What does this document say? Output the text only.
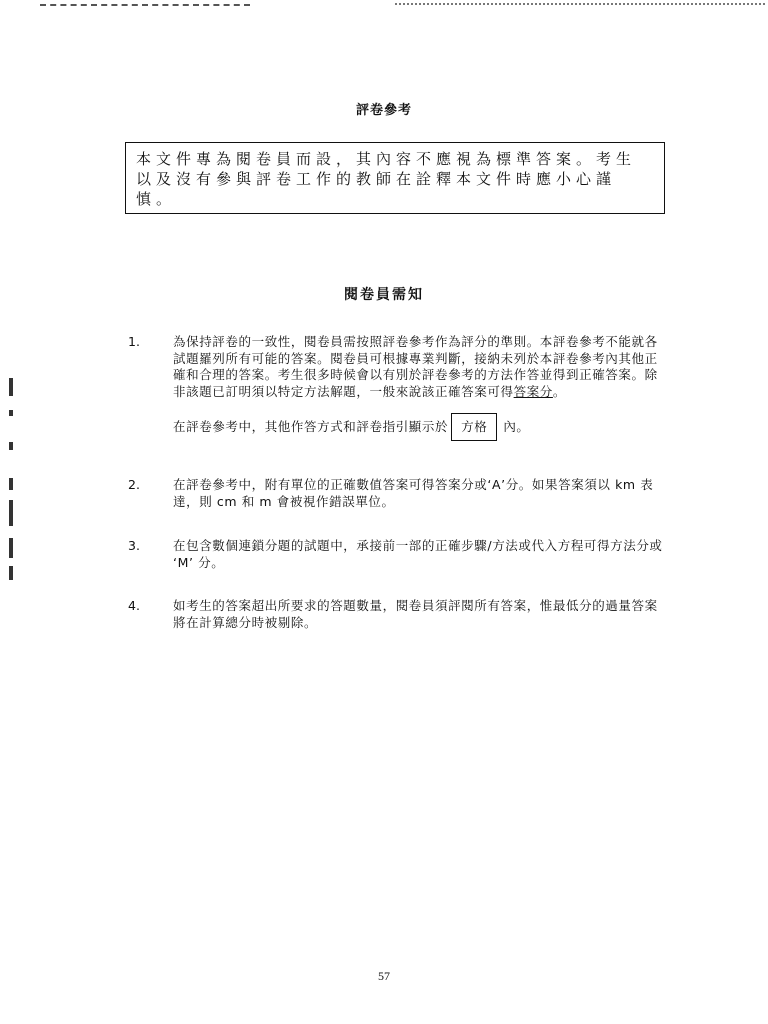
評卷參考
本文件專為閱卷員而設，其內容不應視為標準答案。考生以及沒有參與評卷工作的教師在詮釋本文件時應小心謹慎。
閱卷員需知
1.	為保持評卷的一致性，閱卷員需按照評卷參考作為評分的準則。本評卷參考不能就各試題羅列所有可能的答案。閱卷員可根據專業判斷，接納未列於本評卷參考內其他正確和合理的答案。考生很多時候會以有別於評卷參考的方法作答並得到正確答案。除非該題已訂明須以特定方法解題，一般來說該正確答案可得答案分。

在評卷參考中，其他作答方式和評卷指引顯示於	方格	內。

2.	在評卷參考中，附有單位的正確數值答案可得答案分或‘A’分。如果答案須以 km 表達，則 cm 和 m 會被視作錯誤單位。
3.	在包含數個連鎖分題的試題中，承接前一部的正確步驟/方法或代入方程可得方法分或 ‘M’ 分。
4.	如考生的答案超出所要求的答題數量，閱卷員須評閱所有答案，惟最低分的過量答案將在計算總分時被剔除。
57
